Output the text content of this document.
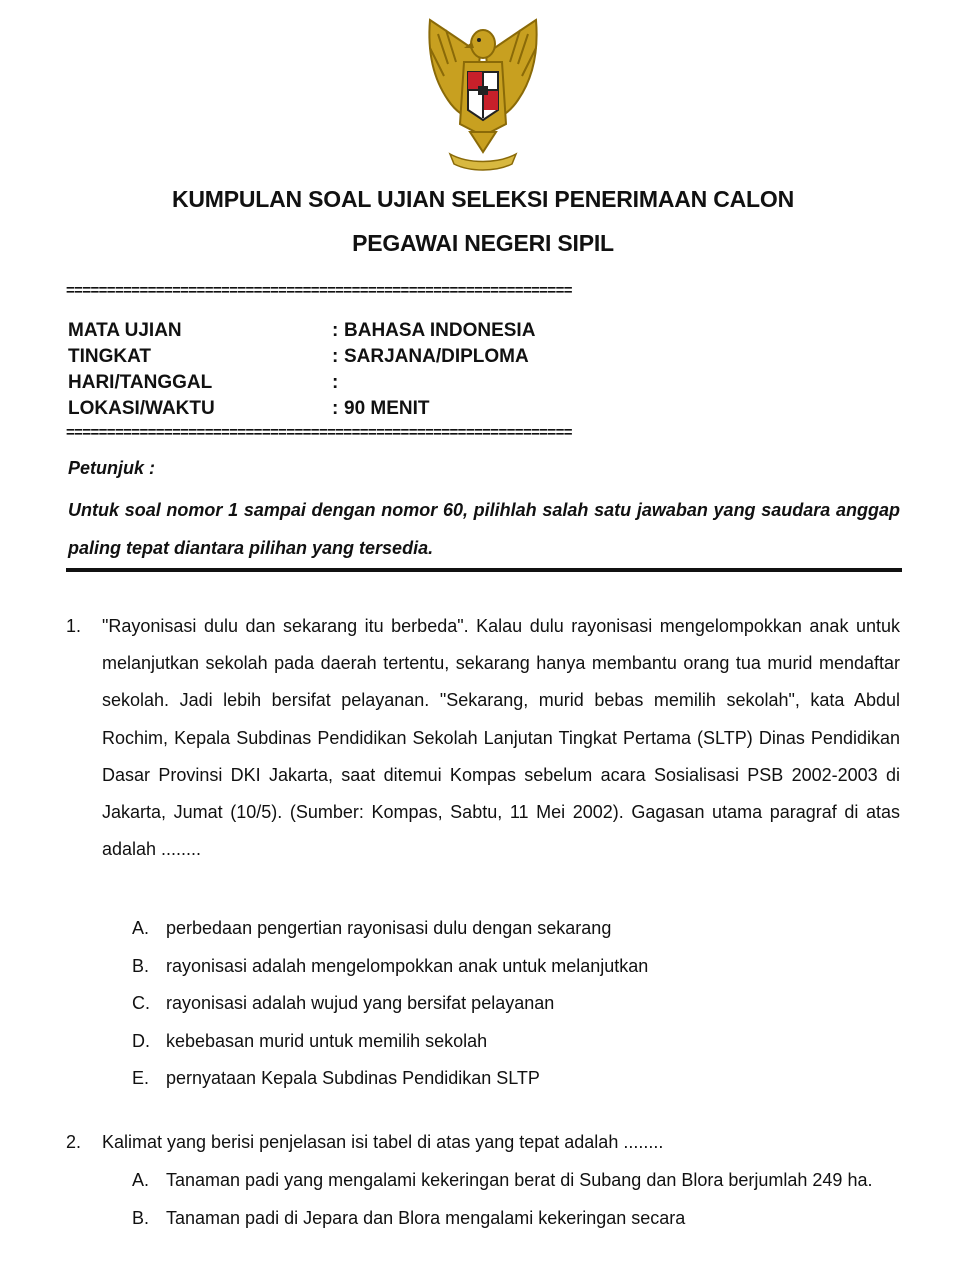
KUMPULAN SOAL UJIAN SELEKSI PENERIMAAN CALON
PEGAWAI NEGERI SIPIL
==============================================================
MATA UJIAN	: BAHASA INDONESIA
TINGKAT	: SARJANA/DIPLOMA
HARI/TANGGAL	:
LOKASI/WAKTU	: 90 MENIT
==============================================================
Petunjuk :
Untuk soal nomor 1 sampai dengan nomor 60, pilihlah salah satu jawaban yang saudara anggap paling tepat diantara pilihan yang tersedia.
1. "Rayonisasi dulu dan sekarang itu berbeda". Kalau dulu rayonisasi mengelompokkan anak untuk melanjutkan sekolah pada daerah tertentu, sekarang hanya membantu orang tua murid mendaftar sekolah. Jadi lebih bersifat pelayanan. "Sekarang, murid bebas memilih sekolah", kata Abdul Rochim, Kepala Subdinas Pendidikan Sekolah Lanjutan Tingkat Pertama (SLTP) Dinas Pendidikan Dasar Provinsi DKI Jakarta, saat ditemui Kompas sebelum acara Sosialisasi PSB 2002-2003 di Jakarta, Jumat (10/5). (Sumber: Kompas, Sabtu, 11 Mei 2002). Gagasan utama paragraf di atas adalah ........
A. perbedaan pengertian rayonisasi dulu dengan sekarang
B. rayonisasi adalah mengelompokkan anak untuk melanjutkan
C. rayonisasi adalah wujud yang bersifat pelayanan
D. kebebasan murid untuk memilih sekolah
E. pernyataan Kepala Subdinas Pendidikan SLTP
2. Kalimat yang berisi penjelasan isi tabel di atas yang tepat adalah ........
A. Tanaman padi yang mengalami kekeringan berat di Subang dan Blora berjumlah 249 ha.
B. Tanaman padi di Jepara dan Blora mengalami kekeringan secara
